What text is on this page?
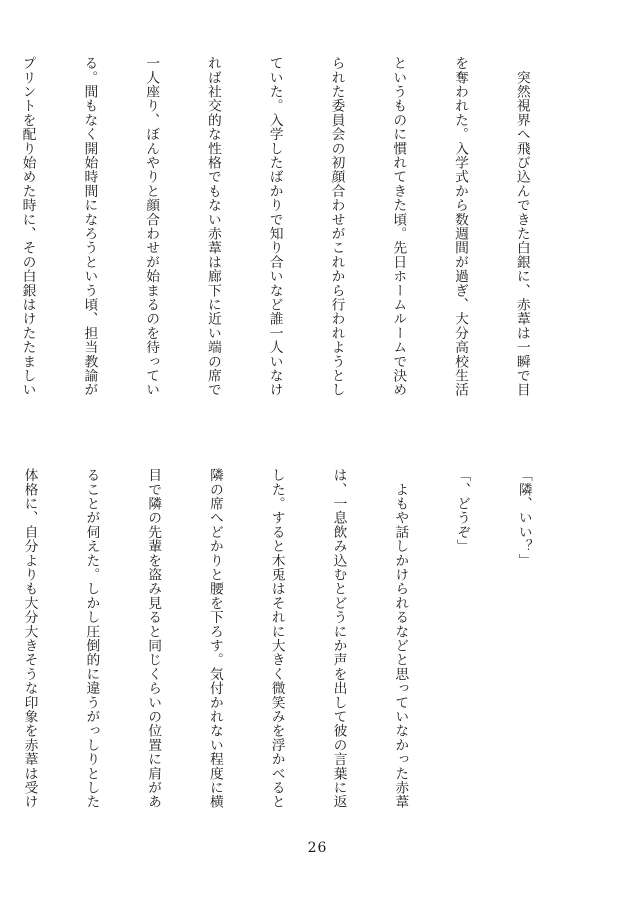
　突然視界へ飛び込んできた白銀に、赤葦は一瞬で目

を奪われた。入学式から数週間が過ぎ、大分高校生活

というものに慣れてきた頃。先日ホームルームで決め

られた委員会の初顔合わせがこれから行われようとし

ていた。入学したばかりで知り合いなど誰一人いなけ

れば社交的な性格でもない赤葦は廊下に近い端の席で

一人座り、ぼんやりと顔合わせが始まるのを待ってい

る。間もなく開始時間になろうという頃、担当教諭が

プリントを配り始めた時に、その白銀はけたたましい

「隣、いい？」

「、どうぞ」

　よもや話しかけられるなどと思っていなかった赤葦

は、一息飲み込むとどうにか声を出して彼の言葉に返

した。すると木兎はそれに大きく微笑みを浮かべると

隣の席へどかりと腰を下ろす。気付かれない程度に横

目で隣の先輩を盗み見ると同じくらいの位置に肩があ

ることが伺えた。しかし圧倒的に違うがっしりとした

体格に、自分よりも大分大きそうな印象を赤葦は受け

26
